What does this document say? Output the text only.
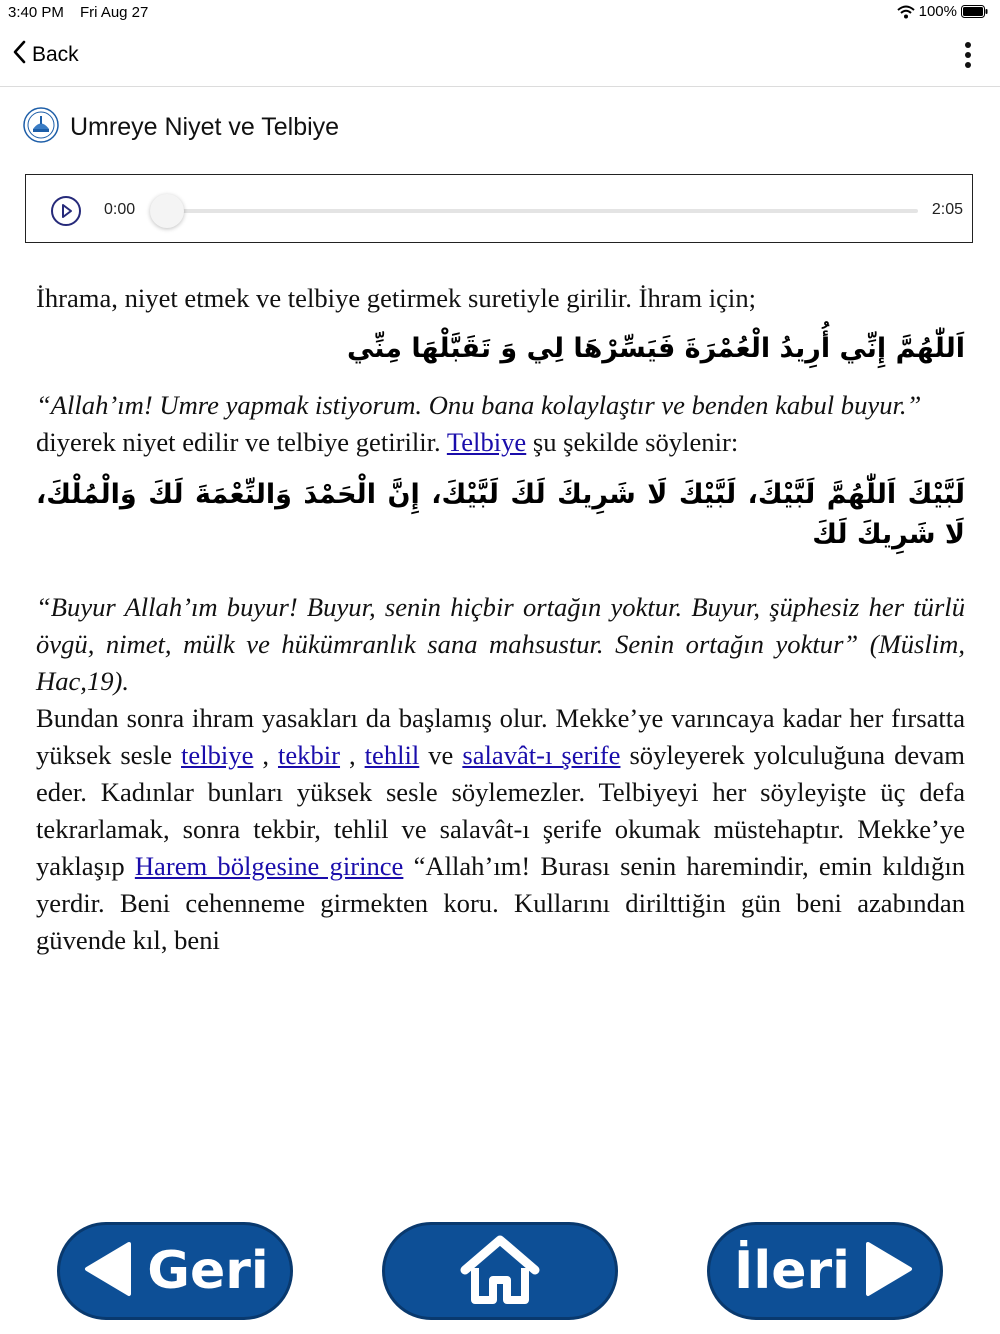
3:40 PM Fri Aug 27	100%
Back
Umreye Niyet ve Telbiye
0:00	2:05

İhrama, niyet etmek ve telbiye getirmek suretiyle girilir. İhram için;

اَللّٰهُمَّ إِنِّي أُرِيدُ الْعُمْرَةَ فَيَسِّرْهَا لِي وَ تَقَبَّلْهَا مِنِّي

“Allah’ım! Umre yapmak istiyorum. Onu bana kolaylaştır ve benden kabul buyur.”

diyerek niyet edilir ve telbiye getirilir. Telbiye şu şekilde söylenir:

لَبَّيْكَ اَللّٰهُمَّ لَبَّيْكَ، لَبَّيْكَ لَا شَرِيكَ لَكَ لَبَّيْكَ، إِنَّ الْحَمْدَ وَالنِّعْمَةَ لَكَ وَالْمُلْكَ، لَا شَرِيكَ لَكَ

“Buyur Allah’ım buyur! Buyur, senin hiçbir ortağın yoktur. Buyur, şüphesiz her türlü övgü, nimet, mülk ve hükümranlık sana mahsustur. Senin ortağın yoktur” (Müslim, Hac,19).

Bundan sonra ihram yasakları da başlamış olur. Mekke’ye varıncaya kadar her fırsatta yüksek sesle telbiye , tekbir , tehlil ve salavât-ı şerife söyleyerek yolculuğuna devam eder. Kadınlar bunları yüksek sesle söylemezler. Telbiyeyi her söyleyişte üç defa tekrarlamak, sonra tekbir, tehlil ve salavât-ı şerife okumak müstehaptır. Mekke’ye yaklaşıp Harem bölgesine girince “Allah’ım! Burası senin haremindir, emin kıldığın yerdir. Beni cehenneme girmekten koru. Kullarını dirilttiğin gün beni azabından güvende kıl, beni

Geri	İleri
